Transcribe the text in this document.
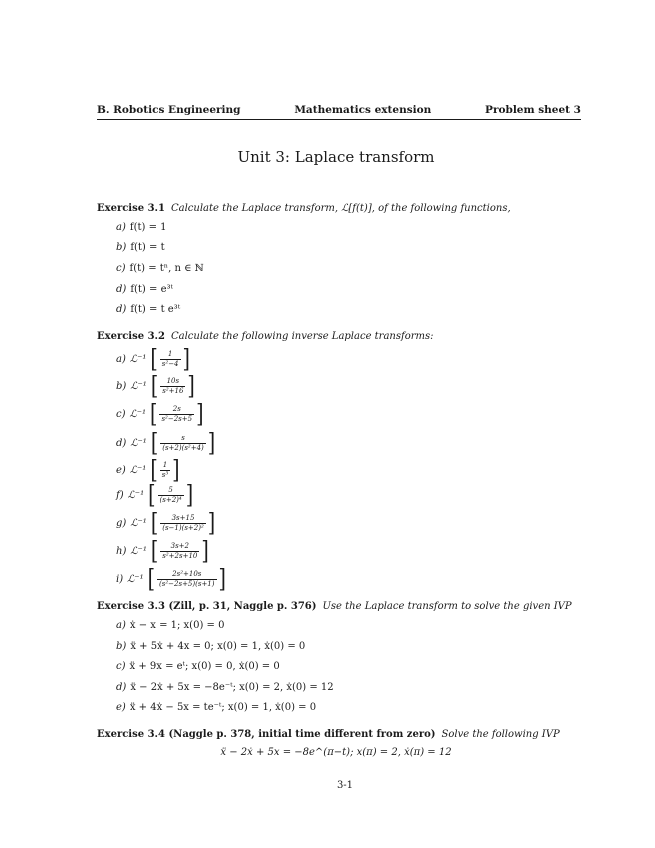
B. Robotics Engineering	Mathematics extension	Problem sheet 3
Unit 3: Laplace transform
Exercise 3.1 Calculate the Laplace transform, ℒ[f(t)], of the following functions,
a) f(t) = 1
b) f(t) = t
c) f(t) = tⁿ, n ∈ ℕ
d) f(t) = e³ᵗ
d) f(t) = t e³ᵗ
Exercise 3.2 Calculate the following inverse Laplace transforms:
a) ℒ⁻¹ [ $\frac{1}{\text{s²−4}}$ ]
b) ℒ⁻¹ [ $\frac{10s}{\text{s²+16}}$ ]
c) ℒ⁻¹ [ $\frac{2s}{\text{s²−2s+5}}$ ]
d) ℒ⁻¹ [ $\frac{s}{\text{(s+2)(s²+4)}}$ ]
e) ℒ⁻¹ [ $\frac{1}{\text{s³}}$ ]
f) ℒ⁻¹ [ $\frac{5}{\text{(s+2)⁴}}$ ]
g) ℒ⁻¹ [ $\frac{3s+15}{\text{(s−1)(s+2)²}}$ ]
h) ℒ⁻¹ [ $\frac{3s+2}{\text{s²+2s+10}}$ ]
i) ℒ⁻¹ [ $\frac{\text{2s²+10s}}{\text{(s²−2s+5)(s+1)}}$ ]
Exercise 3.3 (Zill, p. 31, Naggle p. 376) Use the Laplace transform to solve the given IVP
a) ẋ − x = 1; x(0) = 0
b) ẍ + 5ẋ + 4x = 0; x(0) = 1, ẋ(0) = 0
c) ẍ + 9x = eᵗ; x(0) = 0, ẋ(0) = 0
d) ẍ − 2ẋ + 5x = −8e⁻ᵗ; x(0) = 2, ẋ(0) = 12
e) ẍ + 4ẋ − 5x = te⁻ᵗ; x(0) = 1, ẋ(0) = 0
Exercise 3.4 (Naggle p. 378, initial time different from zero) Solve the following IVP
ẍ − 2ẋ + 5x = −8e^(π−t); x(π) = 2, ẋ(π) = 12
3-1
